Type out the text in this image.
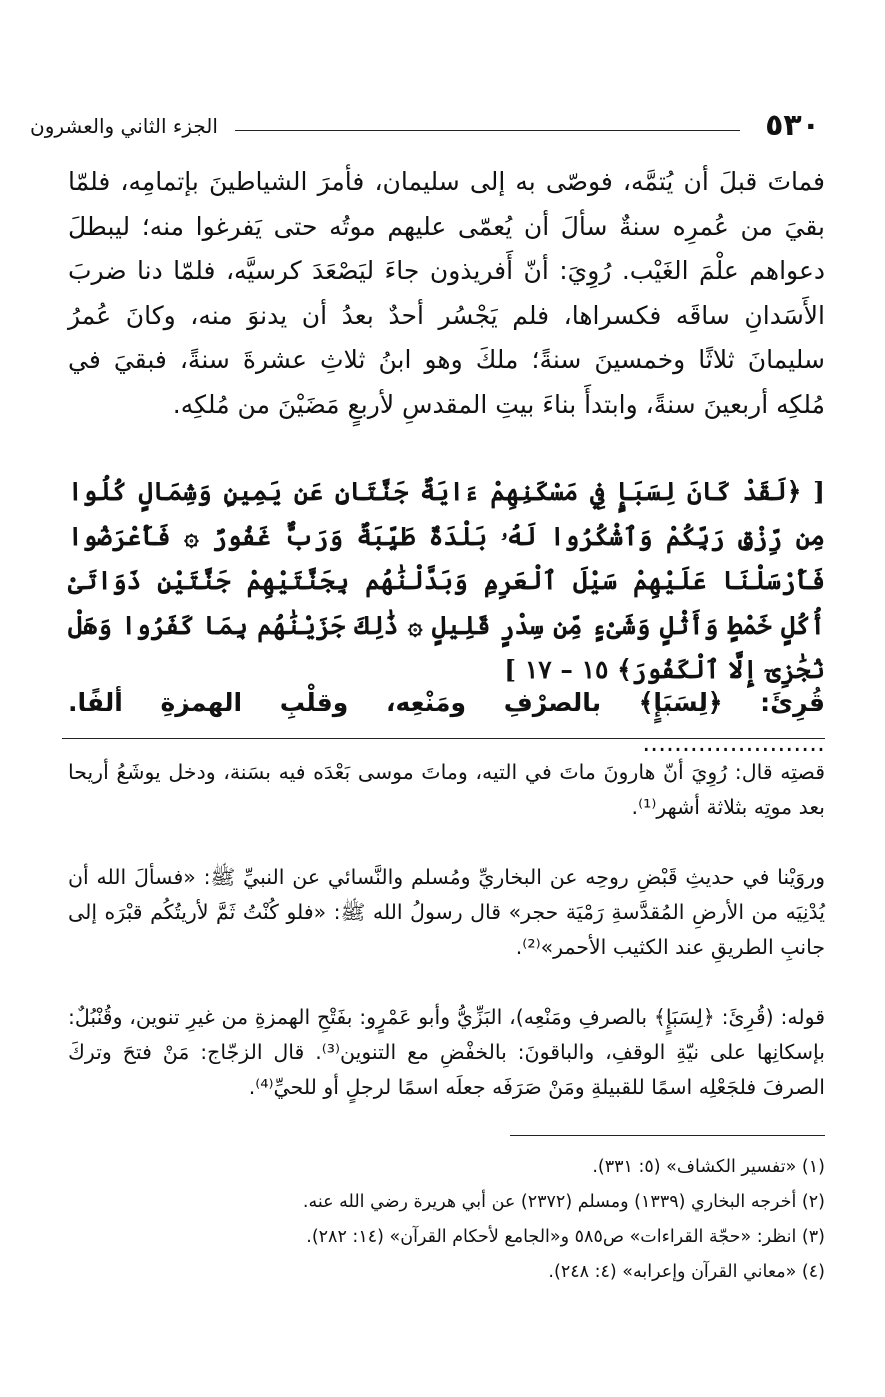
٥٣٠
الجزء الثاني والعشرون

فماتَ قبلَ أن يُتمَّه، فوصّى به إلى سليمان، فأمرَ الشياطينَ بإتمامِه، فلمّا بقيَ من عُمرِه سنةٌ سألَ أن يُعمّى عليهم موتُه حتى يَفرغوا منه؛ ليبطلَ دعواهم علْمَ الغَيْب. رُوِيَ: أنّ أَفريذون جاءَ ليَصْعَدَ كرسيَّه، فلمّا دنا ضربَ الأَسَدانِ ساقَه فكسراها، فلم يَجْسُر أحدٌ بعدُ أن يدنوَ منه، وكانَ عُمرُ سليمانَ ثلاثًا وخمسينَ سنةً؛ ملكَ وهو ابنُ ثلاثِ عشرةَ سنةً، فبقيَ في مُلكِه أربعينَ سنةً، وابتدأَ بناءَ بيتِ المقدسِ لأربعٍ مَضَيْنَ من مُلكِه.

[ ﴿لَقَدْ كَانَ لِسَبَإٍ فِي مَسْكَنِهِمْ ءَايَةٌ جَنَّتَانِ عَن يَمِينٍ وَشِمَالٍ كُلُوا مِن رِّزْقِ رَبِّكُمْ وَٱشْكُرُوا لَهُۥ بَلْدَةٌ طَيِّبَةٌ وَرَبٌّ غَفُورٌ ۞ فَأَعْرَضُوا فَأَرْسَلْنَا عَلَيْهِمْ سَيْلَ ٱلْعَرِمِ وَبَدَّلْنَٰهُم بِجَنَّتَيْهِمْ جَنَّتَيْنِ ذَوَاتَىْ أُكُلٍ خَمْطٍ وَأَثْلٍ وَشَىْءٍ مِّن سِدْرٍ قَلِيلٍ ۞ ذَٰلِكَ جَزَيْنَٰهُم بِمَا كَفَرُوا وَهَلْ نُجَٰزِىٓ إِلَّا ٱلْكَفُورَ﴾ ١٥ – ١٧ ]

قُرِئَ: ﴿لِسَبَإٍ﴾ بالصرْفِ ومَنْعِه، وقلْبِ الهمزةِ ألفًا. .......................

قصتِه قال: رُوِيَ أنّ هارونَ ماتَ في التيه، وماتَ موسى بَعْدَه فيه بسَنة، ودخل يوشَعُ أريحا بعد موتِه بثلاثة أشهر⁽¹⁾.

وروَيْنا في حديثِ قَبْضِ روحِه عن البخاريِّ ومُسلم والنَّسائي عن النبيِّ ﷺ: «فسألَ الله أن يُدْنِيَه من الأرضِ المُقدَّسةِ رَمْيَة حجر» قال رسولُ الله ﷺ: «فلو كُنْتُ ثَمَّ لأريتُكُم قبْرَه إلى جانبِ الطريقِ عند الكثيب الأحمر»⁽²⁾.

قوله: (قُرِئَ: ﴿لِسَبَإٍ﴾ بالصرفِ ومَنْعِه)، البَزِّيُّ وأبو عَمْرٍو: بفَتْحِ الهمزةِ من غيرِ تنوين، وقُنْبُلٌ: بإسكانِها على نيّةِ الوقفِ، والباقونَ: بالخفْضِ مع التنوين⁽³⁾. قال الزجّاج: مَنْ فتحَ وتركَ الصرفَ فلجَعْلِه اسمًا للقبيلةِ ومَنْ صَرَفَه جعلَه اسمًا لرجلٍ أو للحيِّ⁽⁴⁾.

(١) «تفسير الكشاف» (٥: ٣٣١).
(٢) أخرجه البخاري (١٣٣٩) ومسلم (٢٣٧٢) عن أبي هريرة رضي الله عنه.
(٣) انظر: «حجّة القراءات» ص٥٨٥ و«الجامع لأحكام القرآن» (١٤: ٢٨٢).
(٤) «معاني القرآن وإعرابه» (٤: ٢٤٨).
